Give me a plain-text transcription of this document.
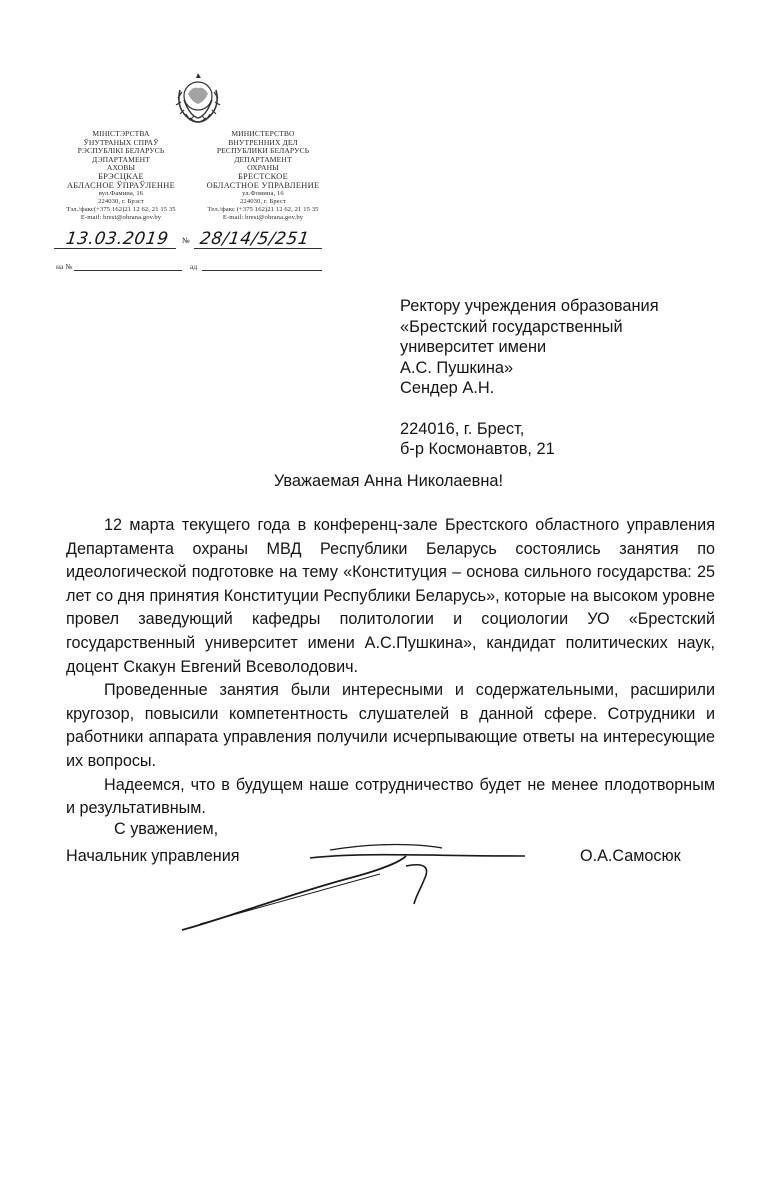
МІНІСТЭРСТВА
ЎНУТРАНЫХ СПРАЎ
РЭСПУБЛІКІ БЕЛАРУСЬ
ДЭПАРТАМЕНТ
АХОВЫ
БРЭСЦКАЕ
АБЛАСНОЕ ЎПРАЎЛЕННЕ
вул.Фамина, 16
224030, г. Брэст
Тэл./факс(+375 162)21 12 62, 21 15 35
E-mail: brest@ohrana.gov.by
МИНИСТЕРСТВО
ВНУТРЕННИХ ДЕЛ
РЕСПУБЛИКИ БЕЛАРУСЬ
ДЕПАРТАМЕНТ
ОХРАНЫ
БРЕСТСКОЕ
ОБЛАСТНОЕ УПРАВЛЕНИЕ
ул.Фомина, 16
224030, г. Брест
Тел./факс (+375 162)21 12 62, 21 15 35
E-mail: brest@ohrana.gov.by
13.03.2019 № 28/14/5/251
на №	ад
Ректору учреждения образования
«Брестский государственный
университет имени
А.С. Пушкина»
Сендер А.Н.
224016, г. Брест,
б-р Космонавтов, 21
Уважаемая Анна Николаевна!

12 марта текущего года в конференц-зале Брестского областного управления Департамента охраны МВД Республики Беларусь состоялись занятия по идеологической подготовке на тему «Конституция – основа сильного государства: 25 лет со дня принятия Конституции Республики Беларусь», которые на высоком уровне провел заведующий кафедры политологии и социологии УО «Брестский государственный университет имени А.С.Пушкина», кандидат политических наук, доцент Скакун Евгений Всеволодович.

Проведенные занятия были интересными и содержательными, расширили кругозор, повысили компетентность слушателей в данной сфере. Сотрудники и работники аппарата управления получили исчерпывающие ответы на интересующие их вопросы.

Надеемся, что в будущем наше сотрудничество будет не менее плодотворным и результативным.

С уважением,
Начальник управления	О.А.Самосюк
